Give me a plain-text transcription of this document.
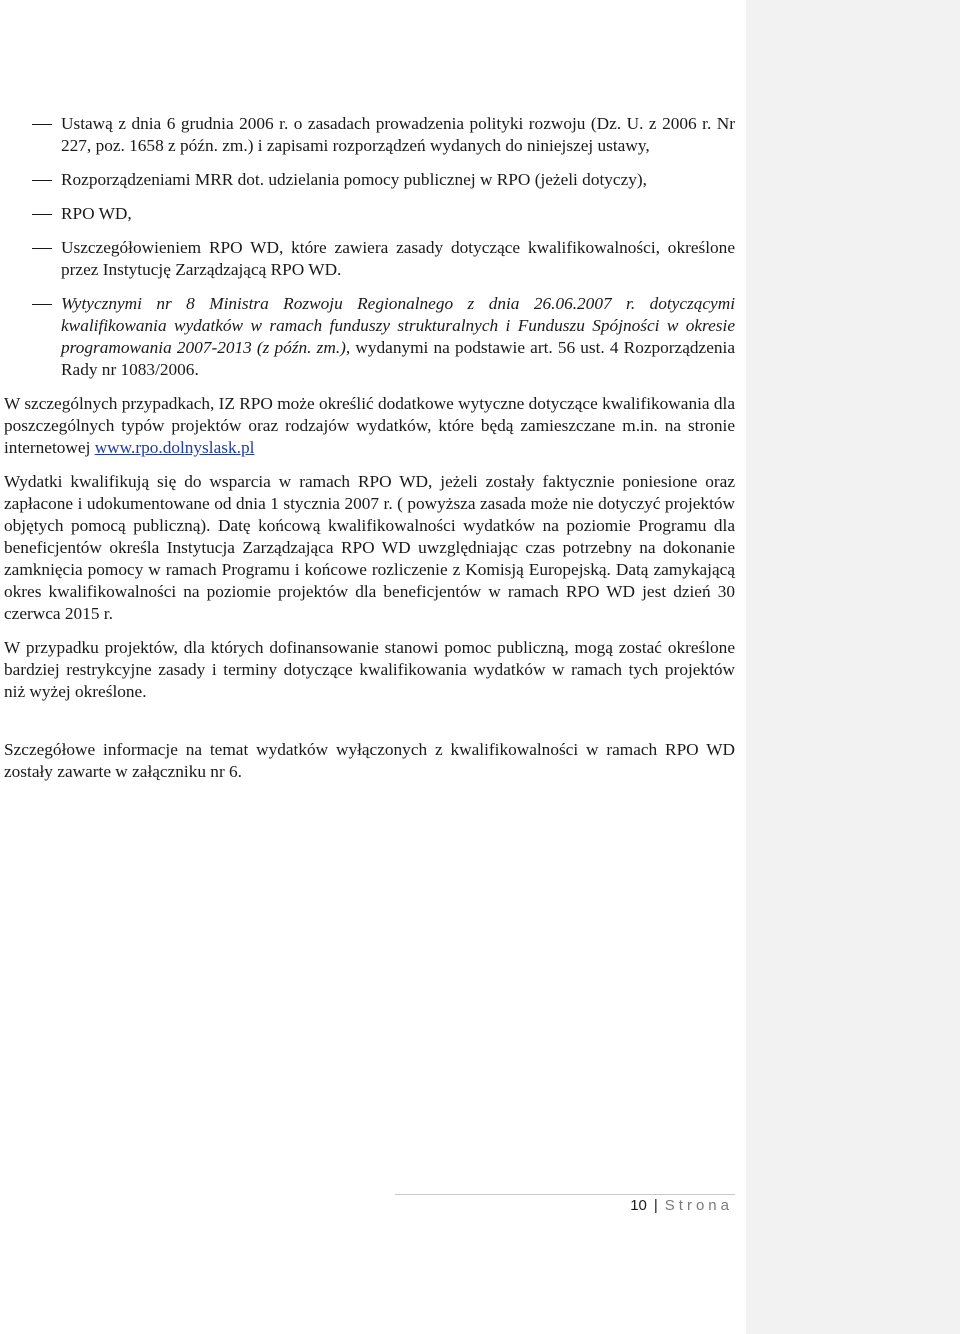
Ustawą z dnia 6 grudnia 2006 r. o zasadach prowadzenia polityki rozwoju (Dz. U. z 2006 r. Nr 227, poz. 1658 z późn. zm.) i zapisami rozporządzeń wydanych do niniejszej ustawy,
Rozporządzeniami MRR dot. udzielania pomocy publicznej w RPO (jeżeli dotyczy),
RPO WD,
Uszczegółowieniem RPO WD, które zawiera zasady dotyczące kwalifikowalności, określone przez Instytucję Zarządzającą RPO WD.
Wytycznymi nr 8 Ministra Rozwoju Regionalnego z dnia 26.06.2007 r. dotyczącymi kwalifikowania wydatków w ramach funduszy strukturalnych i Funduszu Spójności w okresie programowania 2007-2013 (z późn. zm.), wydanymi na podstawie art. 56 ust. 4 Rozporządzenia Rady nr 1083/2006.

W szczególnych przypadkach, IZ RPO może określić dodatkowe wytyczne dotyczące kwalifikowania dla poszczególnych typów projektów oraz rodzajów wydatków, które będą zamieszczane m.in. na stronie internetowej www.rpo.dolnyslask.pl

Wydatki kwalifikują się do wsparcia w ramach RPO WD, jeżeli zostały faktycznie poniesione oraz zapłacone i udokumentowane od dnia 1 stycznia 2007 r. ( powyższa zasada może nie dotyczyć projektów objętych pomocą publiczną). Datę końcową kwalifikowalności wydatków na poziomie Programu dla beneficjentów określa Instytucja Zarządzająca RPO WD uwzględniając czas potrzebny na dokonanie zamknięcia pomocy w ramach Programu i końcowe rozliczenie z Komisją Europejską. Datą zamykającą okres kwalifikowalności na poziomie projektów dla beneficjentów w ramach RPO WD jest dzień 30 czerwca 2015 r.

W przypadku projektów, dla których dofinansowanie stanowi pomoc publiczną, mogą zostać określone bardziej restrykcyjne zasady i terminy dotyczące kwalifikowania wydatków w ramach tych projektów niż wyżej określone.

Szczegółowe informacje na temat wydatków wyłączonych z kwalifikowalności w ramach RPO WD zostały zawarte w załączniku nr 6.

10 | Strona
